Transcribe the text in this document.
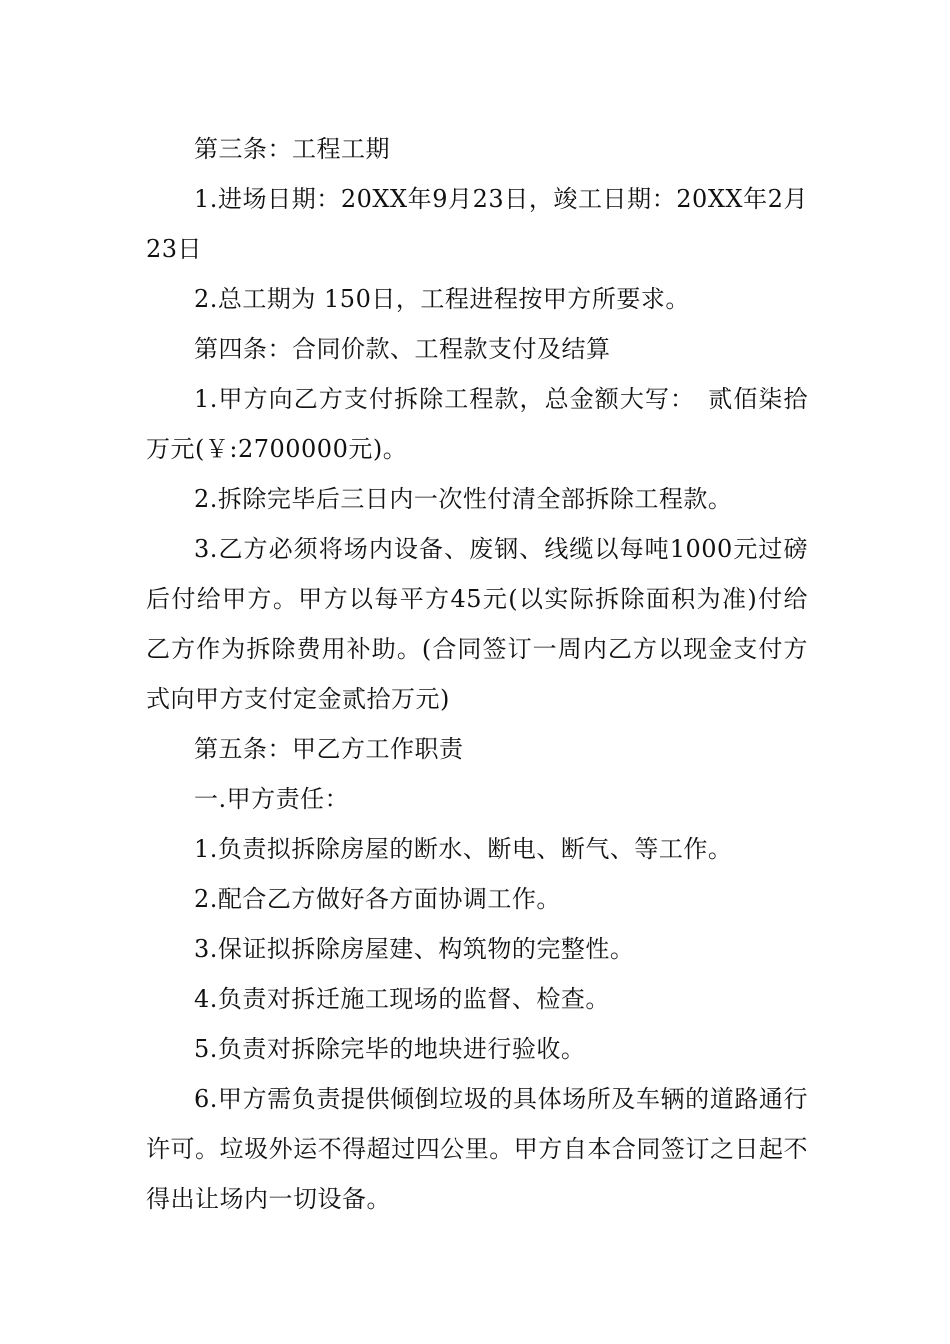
第三条：工程工期

1.进场日期：20XX年9月23日，竣工日期：20XX年2月23日

2.总工期为 150日，工程进程按甲方所要求。

第四条：合同价款、工程款支付及结算

1.甲方向乙方支付拆除工程款，总金额大写：　贰佰柒拾　万元(￥:2700000元)。

2.拆除完毕后三日内一次性付清全部拆除工程款。

3.乙方必须将场内设备、废钢、线缆以每吨1000元过磅后付给甲方。甲方以每平方45元(以实际拆除面积为准)付给乙方作为拆除费用补助。(合同签订一周内乙方以现金支付方式向甲方支付定金贰拾万元)

第五条：甲乙方工作职责

一.甲方责任：

1.负责拟拆除房屋的断水、断电、断气、等工作。

2.配合乙方做好各方面协调工作。

3.保证拟拆除房屋建、构筑物的完整性。

4.负责对拆迁施工现场的监督、检查。

5.负责对拆除完毕的地块进行验收。

6.甲方需负责提供倾倒垃圾的具体场所及车辆的道路通行许可。垃圾外运不得超过四公里。甲方自本合同签订之日起不得出让场内一切设备。
